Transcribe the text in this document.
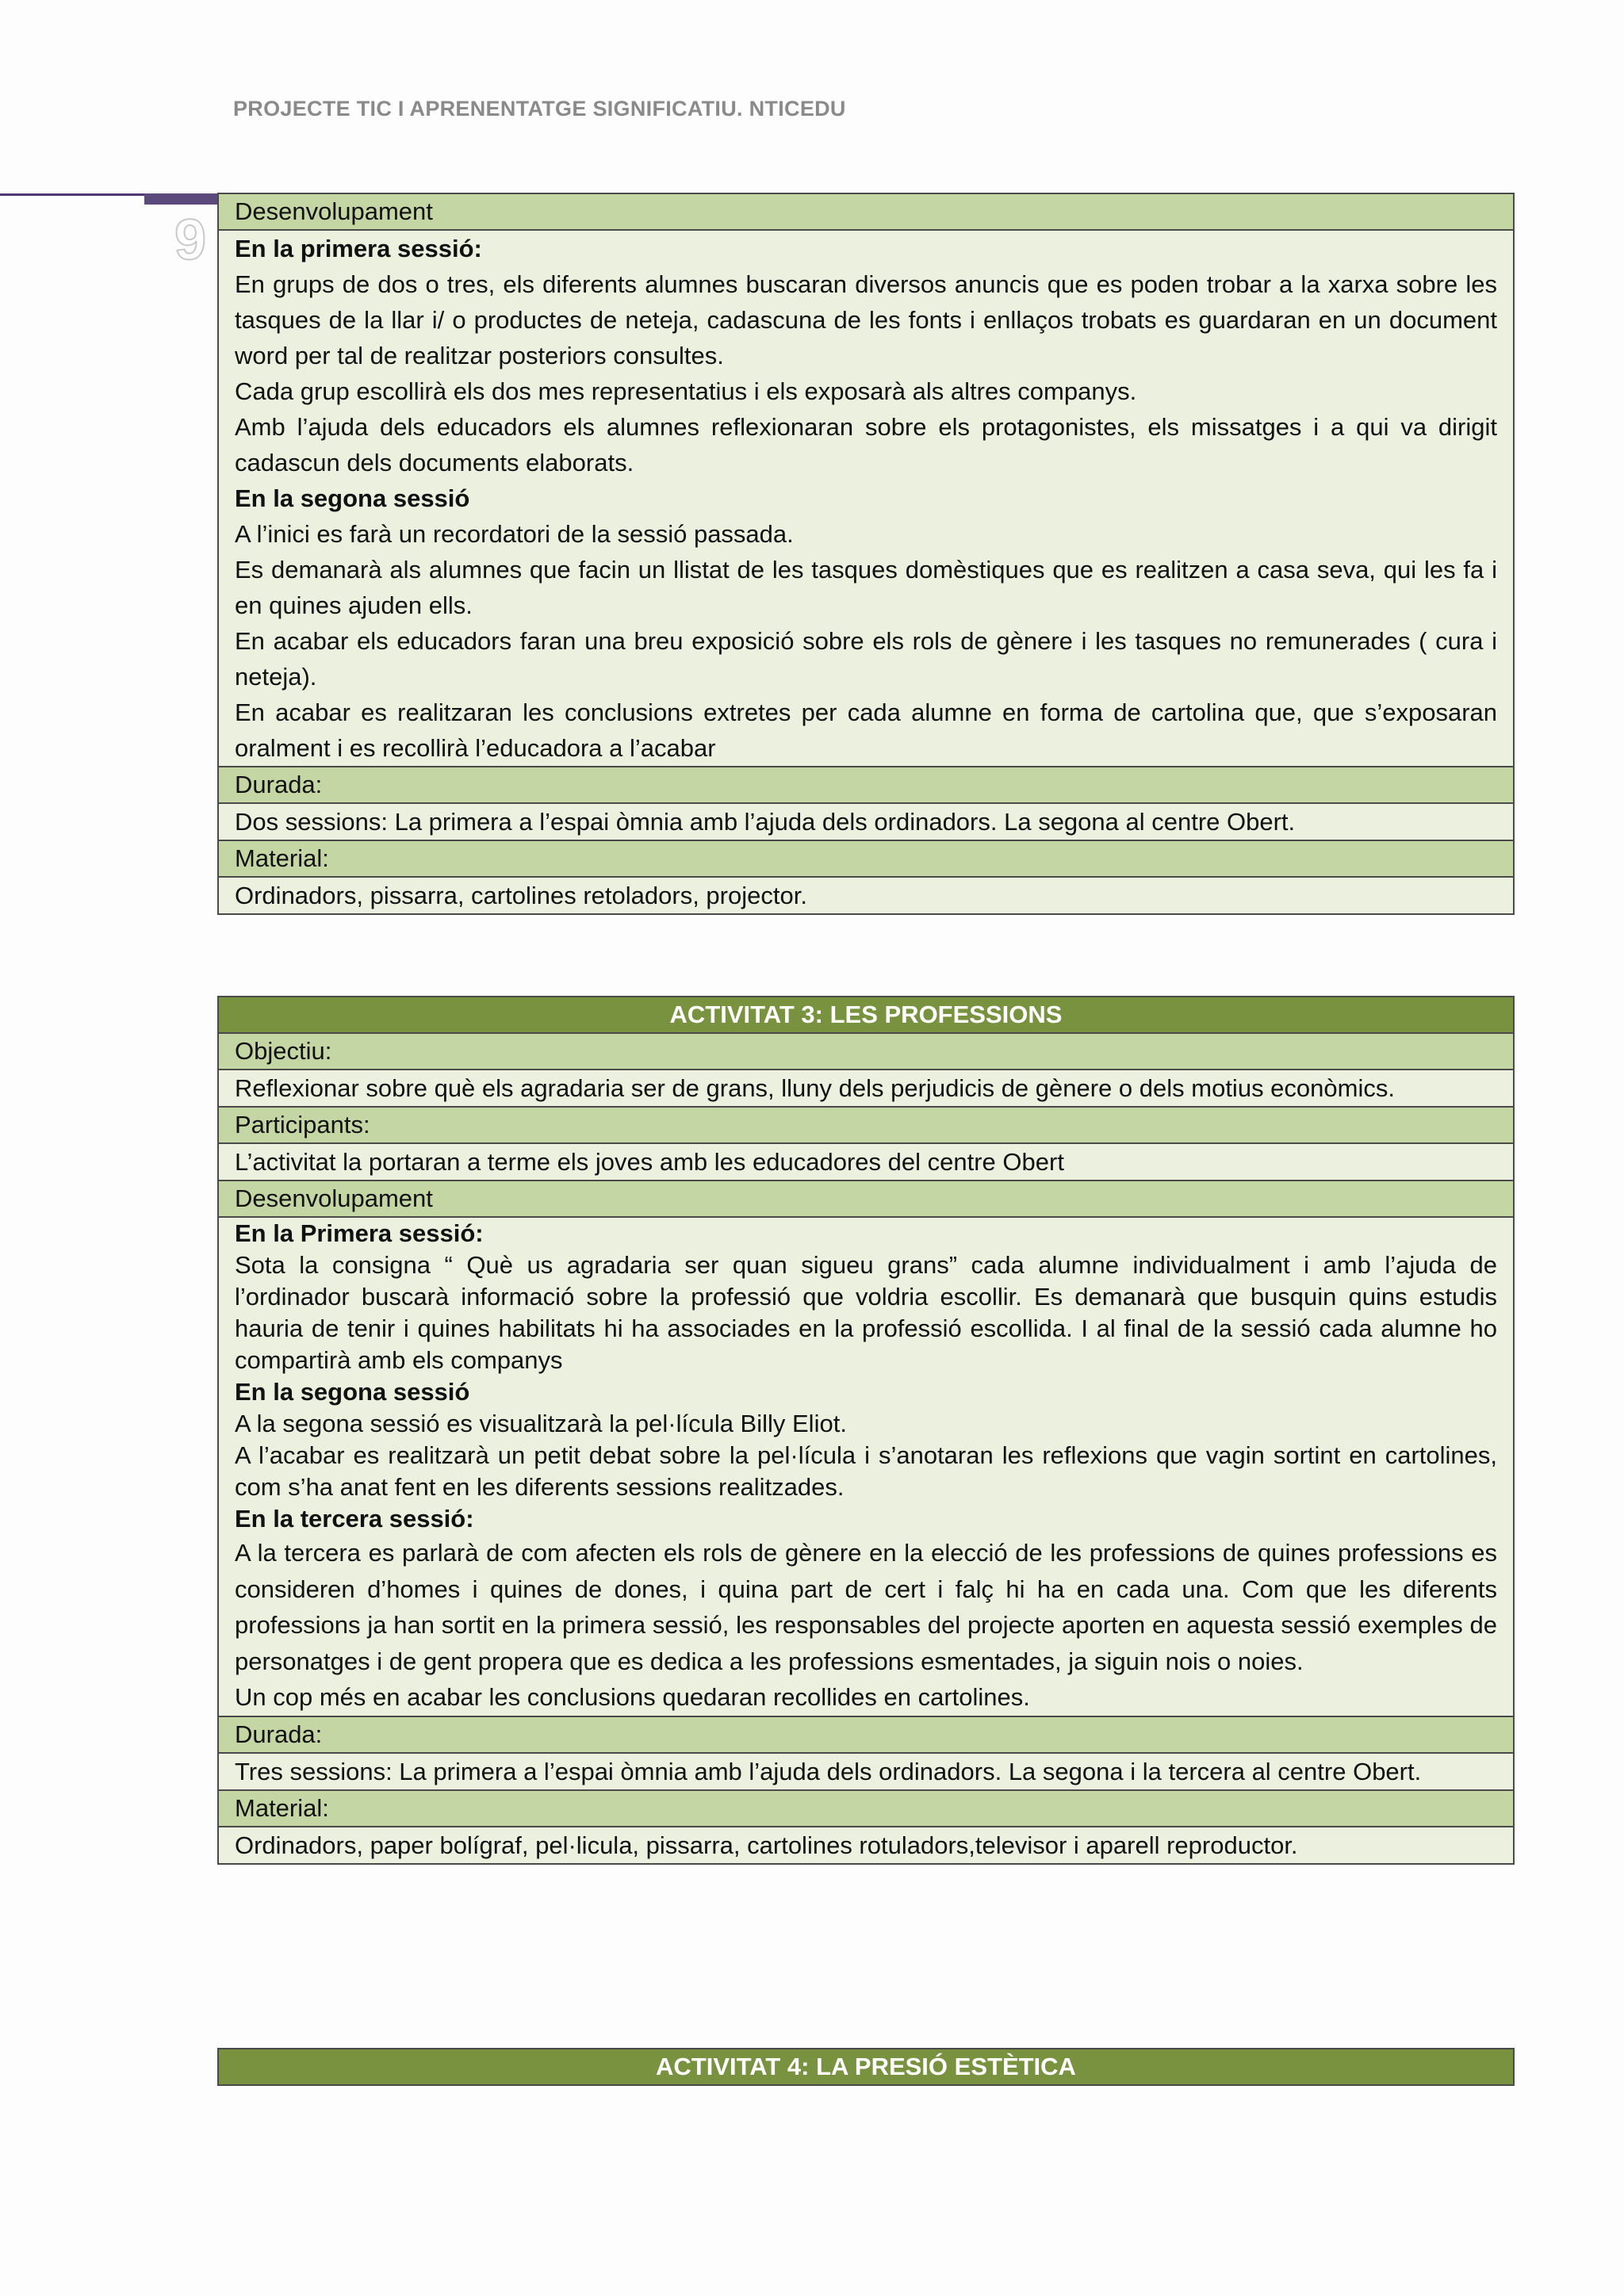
PROJECTE TIC I APRENENTATGE SIGNIFICATIU. NTICEDU
9	Desenvolupament
En la primera sessió:

En grups de dos o tres, els diferents alumnes buscaran diversos anuncis que es poden trobar a la xarxa sobre les tasques de la llar i/ o productes de neteja, cadascuna de les fonts i enllaços trobats es guardaran en un document word per tal de realitzar posteriors consultes.

Cada grup escollirà els dos mes representatius i els exposarà als altres companys.

Amb l’ajuda dels educadors els alumnes reflexionaran sobre els protagonistes, els missatges i a qui va dirigit cadascun dels documents elaborats.

En la segona sessió

A l’inici es farà un recordatori de la sessió passada.

Es demanarà als alumnes que facin un llistat de les tasques domèstiques que es realitzen a casa seva, qui les fa i en quines ajuden ells.

En acabar els educadors faran una breu exposició sobre els rols de gènere i les tasques no remunerades ( cura i neteja).

En acabar es realitzaran les conclusions extretes per cada alumne en forma de cartolina que, que s’exposaran oralment i es recollirà l’educadora a l’acabar

Durada:
Dos sessions: La primera a l’espai òmnia amb l’ajuda dels ordinadors. La segona al centre Obert.
Material:
Ordinadors, pissarra, cartolines retoladors, projector.
ACTIVITAT 3: LES PROFESSIONS
Objectiu:
Reflexionar sobre què els agradaria ser de grans, lluny dels perjudicis de gènere o dels motius econòmics.
Participants:
L’activitat la portaran a terme els joves amb les educadores del centre Obert
Desenvolupament
En la Primera sessió:

Sota la consigna “ Què us agradaria ser quan sigueu grans” cada alumne individualment i amb l’ajuda de l’ordinador buscarà informació sobre la professió que voldria escollir. Es demanarà que busquin quins estudis hauria de tenir i quines habilitats hi ha associades en la professió escollida. I al final de la sessió cada alumne ho compartirà amb els companys

En la segona sessió

A la segona sessió es visualitzarà la pel·lícula Billy Eliot.

A l’acabar es realitzarà un petit debat sobre la pel·lícula i s’anotaran les reflexions que vagin sortint en cartolines, com s’ha anat fent en les diferents sessions realitzades.

En la tercera sessió:

A la tercera es parlarà de com afecten els rols de gènere en la elecció de les professions de quines professions es consideren d’homes i quines de dones, i quina part de cert i falç hi ha en cada una. Com que les diferents professions ja han sortit en la primera sessió, les responsables del projecte aporten en aquesta sessió exemples de personatges i de gent propera que es dedica a les professions esmentades, ja siguin nois o noies.

Un cop més en acabar les conclusions quedaran recollides en cartolines.

Durada:
Tres sessions: La primera a l’espai òmnia amb l’ajuda dels ordinadors. La segona i la tercera al centre Obert.
Material:
Ordinadors, paper bolígraf, pel·licula, pissarra, cartolines rotuladors,televisor i aparell reproductor.
ACTIVITAT 4: LA PRESIÓ ESTÈTICA
